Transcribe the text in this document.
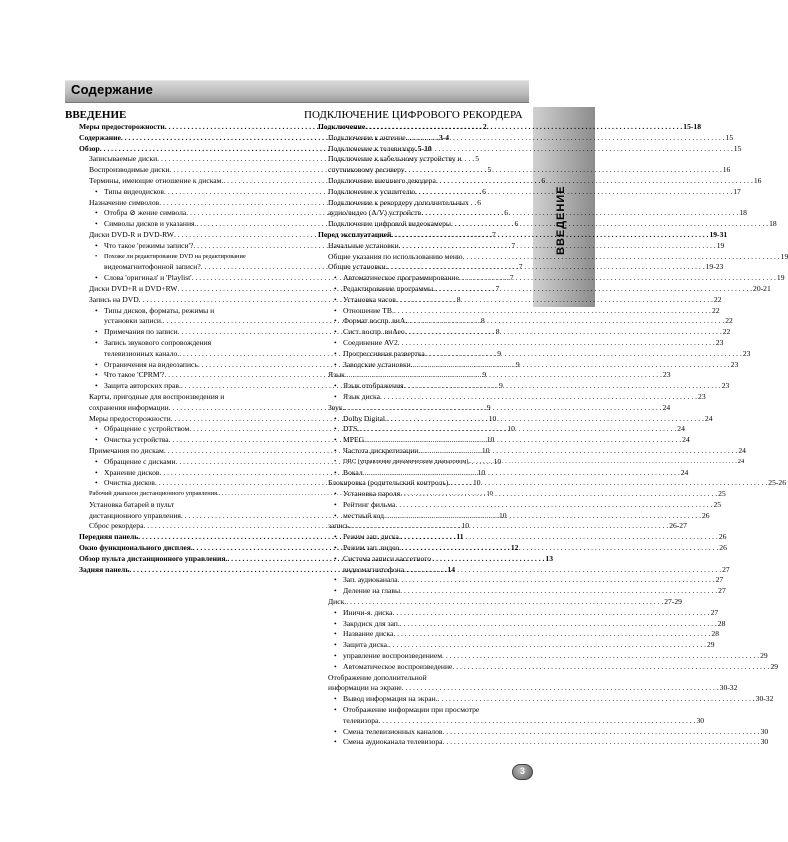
Содержание
ВВЕДЕНИЕ
ВВЕДЕНИЕ
Меры предосторожности . . .	2
Содержание . . .	3-4
Обзор . . .	5-10
Записываемые диски . . .	5
Воспроизводимые диски . . .	5
Термины, имеющие отношение к дискам. . . .	6
• Типы видеодисков . . .	6
Назначение символов . . .	6
• Отобра ⊘ жение символа . . .	6
• Символы дисков и указания. . . .	6
Диски DVD-R и DVD-RW . . .	7
• Что такое 'режимы записи'? . . .	7
• Похоже ли редактирование DVD на редактирование
видеомагнитофонной записи? . . .	7
• Слова 'оригинал' и 'Playlist' . . .	7
Диски DVD+R и DVD+RW . . .	7
Запись на DVD . . .	8
• Типы дисков, форматы, режимы и
установки записи. . . .	8
• Примечания по записи . . .	8
• Запись звукового сопровождения
телевизионных канало. . . .	9
• Ограничения на видеозапись . . .	9
• Что такое 'CPRM'? . . .	9
• Защита авторских прав. . . .	9
Карты, пригодные для воспроизведения и
сохранения информации . . .	9
Меры предосторожности . . .	10
• Обращение с устройством . . .	10
• Очистка устройства . . .	10
Примечания по дискам . . .	10
• Обращение с дисками . . .	10
• Хранение дисков . . .	10
• Очистка дисков . . .	10
Рабочий диапазон дистанционного управления. . . .	10
Установка батарей в пульт
дистанционного управления . . .	10
Сброс рекордера . . .	10
Передняя панель . . .	11
Окно функционального дисплея. . . .	12
Обзор пульта дистанционного управления. . . .	13
Задняя панель . . .	14
ПОДКЛЮЧЕНИЕ ЦИФРОВОГО РЕКОРДЕРА
Подключение . . .	15-18
Подключение к антенне. . . .	15
Подключение к телевизору . . .	15
Подключение к кабельному устройству и
спутниковому ресиверу . . .	16
Подключение внешнего декодера . . .	16
Подключение к усилителю . . .	17
Подключение к рекордеру дополнительных
аудио/видео (A/V) устройств . . .	18
Подключение цифровой видеокамеры . . .	18
Перед эксплуатацией . . .	19-31
Начальные установки . . .	19
Общие указания по использованию меню . . .	19
Общие установки. . . .	19-23
• Автоматическое программирование . . .	19
• Редактирование программы. . . .	20-21
• Установка часов . . .	22
• Отношение ТВ. . . .	22
• Формат воспр. виА. . . .	22
• Сист. воспр. виАео . . .	22
• Соединение AV2 . . .	23
• Прогрессивная развертка . . .	23
• Заводские установки. . . .	23
Язык . . .	23
• Язык отображения . . .	23
• Язык диска . . .	23
Звук. . . .	24
• Dolby Digital. . . .	24
• DTS. . . .	24
• MPEG . . .	24
• Частота дискретизации. . . .	24
• DRC (управление динамическим диапазоном). . . .	24
• Вокал . . .	24
Блокировка (родительский контроль). . . .	25-26
• Установка пароля . . .	25
• Рейтинг фильма . . .	25
• местный код . . .	26
запись. . . .	26-27
• Режим зап. диска. . . .	26
• Режим зап. видео. . . .	26
• Система записи кассетного
видеомагнитофона . . .	27
• Зап. аудиоканала . . .	27
• Деление на главы . . .	27
Диск. . . .	27-29
• Иничи-я. диска . . .	27
• Закрдиск для зап. . . .	28
• Название диска . . .	28
• Защита диска. . . .	29
• управление воспроизведением . . .	29
• Автоматическое воспроизведение . . .	29
Отображение дополнительной
информации на экране . . .	30-32
• Вывод информация на экран. . . .	30-32
• Отображение информации при просмотре
телевизора . . .	30
• Смена телевизионных каналов . . .	30
• Смена аудиоканала телевизора . . .	30
3
